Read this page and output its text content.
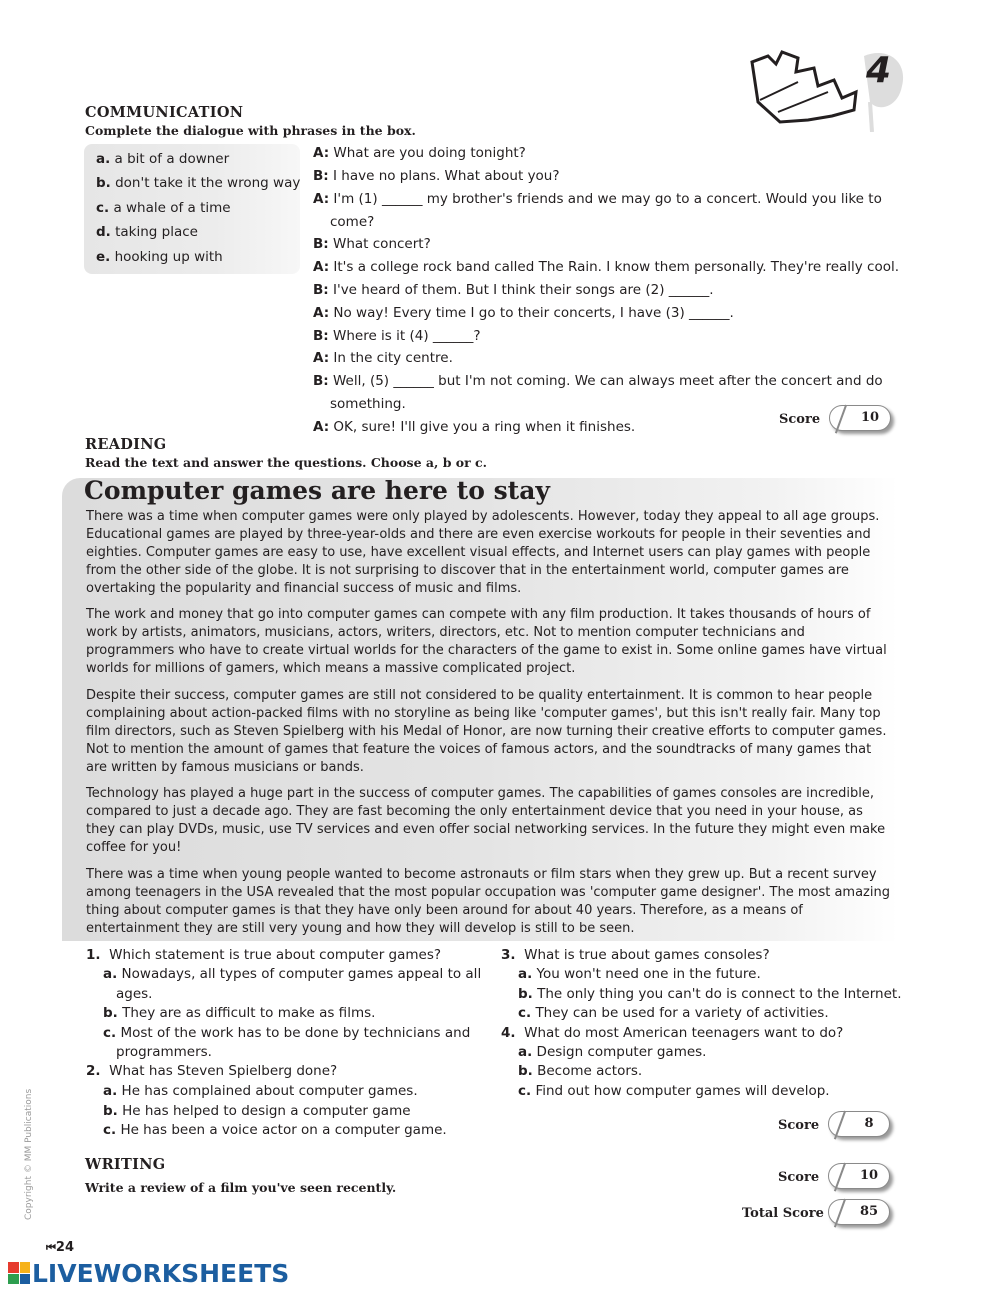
4
COMMUNICATION
Complete the dialogue with phrases in the box.
a. a bit of a downer
b. don't take it the wrong way
c. a whale of a time
d. taking place
e. hooking up with
A: What are you doing tonight?
B: I have no plans. What about you?
A: I'm (1) ______ my brother's friends and we may go to a concert. Would you like to
come?
B: What concert?
A: It's a college rock band called The Rain. I know them personally. They're really cool.
B: I've heard of them. But I think their songs are (2) ______.
A: No way! Every time I go to their concerts, I have (3) ______.
B: Where is it (4) ______?
A: In the city centre.
B: Well, (5) ______ but I'm not coming. We can always meet after the concert and do
something.
A: OK, sure! I'll give you a ring when it finishes.	Score	10
READING
Read the text and answer the questions. Choose a, b or c.
Computer games are here to stay
There was a time when computer games were only played by adolescents. However, today they appeal to all age groups. Educational games are played by three-year-olds and there are even exercise workouts for people in their seventies and eighties. Computer games are easy to use, have excellent visual effects, and Internet users can play games with people from the other side of the globe. It is not surprising to discover that in the entertainment world, computer games are overtaking the popularity and financial success of music and films.
The work and money that go into computer games can compete with any film production. It takes thousands of hours of work by artists, animators, musicians, actors, writers, directors, etc. Not to mention computer technicians and programmers who have to create virtual worlds for the characters of the game to exist in. Some online games have virtual worlds for millions of gamers, which means a massive complicated project.
Despite their success, computer games are still not considered to be quality entertainment. It is common to hear people complaining about action-packed films with no storyline as being like 'computer games', but this isn't really fair. Many top film directors, such as Steven Spielberg with his Medal of Honor, are now turning their creative efforts to computer games. Not to mention the amount of games that feature the voices of famous actors, and the soundtracks of many games that are written by famous musicians or bands.
Technology has played a huge part in the success of computer games. The capabilities of games consoles are incredible, compared to just a decade ago. They are fast becoming the only entertainment device that you need in your house, as they can play DVDs, music, use TV services and even offer social networking services. In the future they might even make coffee for you!
There was a time when young people wanted to become astronauts or film stars when they grew up. But a recent survey among teenagers in the USA revealed that the most popular occupation was 'computer game designer'. The most amazing thing about computer games is that they have only been around for about 40 years. Therefore, as a means of entertainment they are still very young and how they will develop is still to be seen.
1. Which statement is true about computer games?
a. Nowadays, all types of computer games appeal to all
ages.
b. They are as difficult to make as films.
c. Most of the work has to be done by technicians and
programmers.
2. What has Steven Spielberg done?
a. He has complained about computer games.
b. He has helped to design a computer game
c. He has been a voice actor on a computer game.
3. What is true about games consoles?
a. You won't need one in the future.
b. The only thing you can't do is connect to the Internet.
c. They can be used for a variety of activities.
4. What do most American teenagers want to do?
a. Design computer games.
b. Become actors.
c. Find out how computer games will develop.
Score	8
WRITING
Write a review of a film you've seen recently.
Score	10
Total Score	85
Copyright © MM Publications
⏮24
LIVEWORKSHEETS
